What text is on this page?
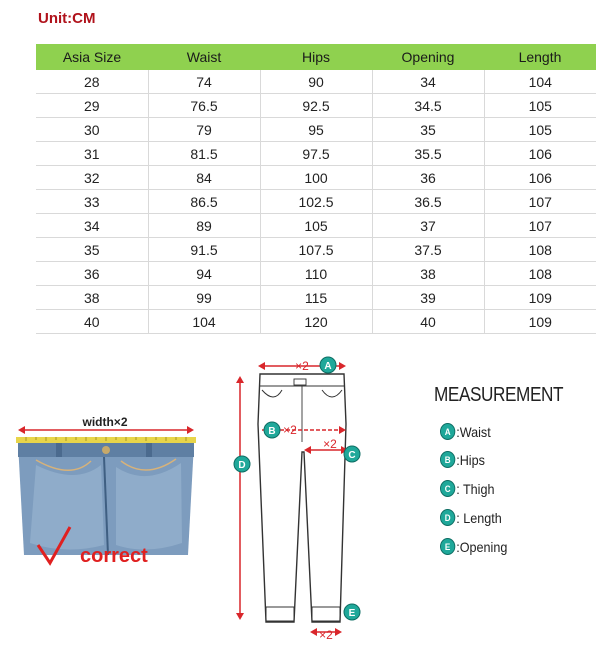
Unit:CM
Asia Size	Waist	Hips	Opening	Length
28	74	90	34	104
29	76.5	92.5	34.5	105
30	79	95	35	105
31	81.5	97.5	35.5	106
32	84	100	36	106
33	86.5	102.5	36.5	107
34	89	105	37	107
35	91.5	107.5	37.5	108
36	94	110	38	108
38	99	115	39	109
40	104	120	40	109
width×2
correct
×2 A
B ×2
×2
C
D
×2
E
MEASUREMENT
A :Waist
B :Hips
C : Thigh
D : Length
E :Opening
